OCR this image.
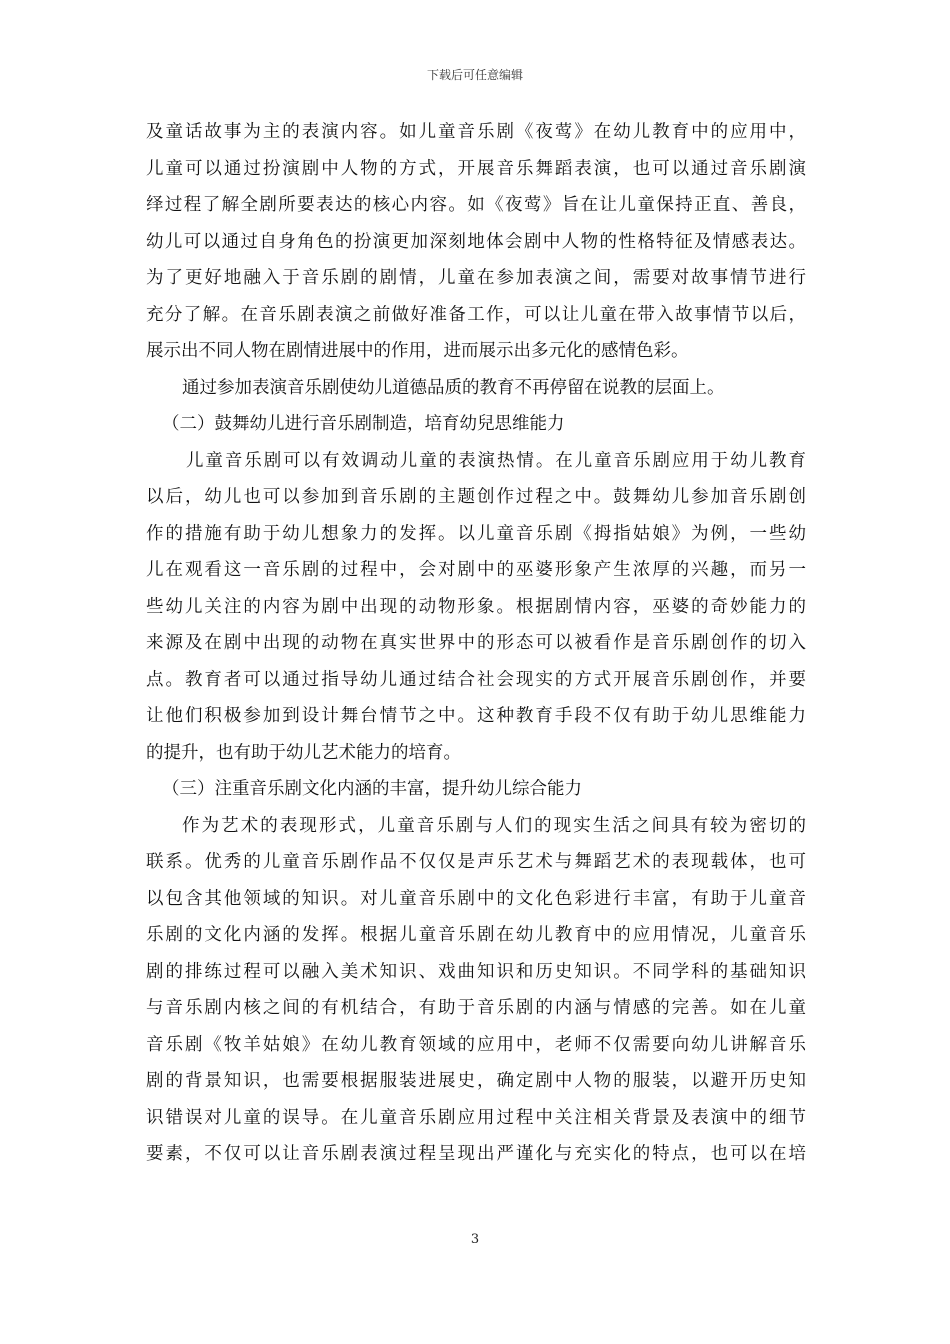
下载后可任意编辑
及童话故事为主的表演内容。如儿童音乐剧《夜莺》在幼儿教育中的应用中，
儿童可以通过扮演剧中人物的方式，开展音乐舞蹈表演，也可以通过音乐剧演
绎过程了解全剧所要表达的核心内容。如《夜莺》旨在让儿童保持正直、善良，
幼儿可以通过自身角色的扮演更加深刻地体会剧中人物的性格特征及情感表达。
为了更好地融入于音乐剧的剧情，儿童在参加表演之间，需要对故事情节进行
充分了解。在音乐剧表演之前做好准备工作，可以让儿童在带入故事情节以后，
展示出不同人物在剧情进展中的作用，进而展示出多元化的感情色彩。
通过参加表演音乐剧使幼儿道德品质的教育不再停留在说教的层面上。
（二）鼓舞幼儿进行音乐剧制造，培育幼兒思维能力
儿童音乐剧可以有效调动儿童的表演热情。在儿童音乐剧应用于幼儿教育
以后，幼儿也可以参加到音乐剧的主题创作过程之中。鼓舞幼儿参加音乐剧创
作的措施有助于幼儿想象力的发挥。以儿童音乐剧《拇指姑娘》为例，一些幼
儿在观看这一音乐剧的过程中，会对剧中的巫婆形象产生浓厚的兴趣，而另一
些幼儿关注的内容为剧中出现的动物形象。根据剧情内容，巫婆的奇妙能力的
来源及在剧中出现的动物在真实世界中的形态可以被看作是音乐剧创作的切入
点。教育者可以通过指导幼儿通过结合社会现实的方式开展音乐剧创作，并要
让他们积极参加到设计舞台情节之中。这种教育手段不仅有助于幼儿思维能力
的提升，也有助于幼儿艺术能力的培育。
（三）注重音乐剧文化内涵的丰富，提升幼儿综合能力
作为艺术的表现形式，儿童音乐剧与人们的现实生活之间具有较为密切的
联系。优秀的儿童音乐剧作品不仅仅是声乐艺术与舞蹈艺术的表现载体，也可
以包含其他领域的知识。对儿童音乐剧中的文化色彩进行丰富，有助于儿童音
乐剧的文化内涵的发挥。根据儿童音乐剧在幼儿教育中的应用情况，儿童音乐
剧的排练过程可以融入美术知识、戏曲知识和历史知识。不同学科的基础知识
与音乐剧内核之间的有机结合，有助于音乐剧的内涵与情感的完善。如在儿童
音乐剧《牧羊姑娘》在幼儿教育领域的应用中，老师不仅需要向幼儿讲解音乐
剧的背景知识，也需要根据服装进展史，确定剧中人物的服装，以避开历史知
识错误对儿童的误导。在儿童音乐剧应用过程中关注相关背景及表演中的细节
要素，不仅可以让音乐剧表演过程呈现出严谨化与充实化的特点，也可以在培
3
